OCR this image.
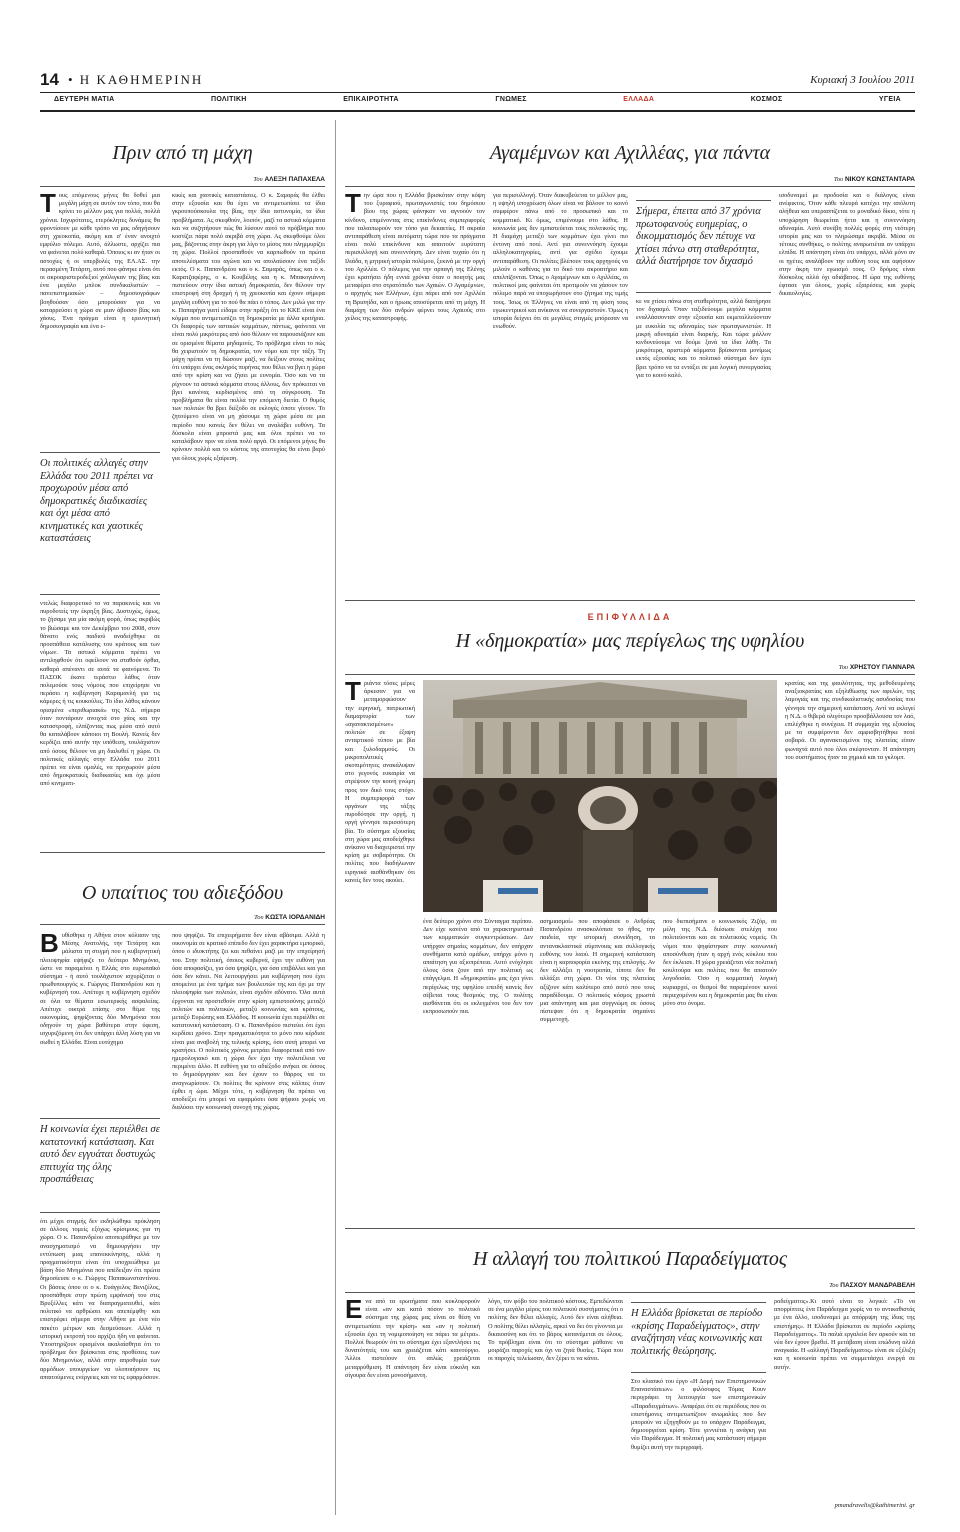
14 • Η ΚΑΘΗΜΕΡΙΝΗ	Κυριακή 3 Ιουλίου 2011
ΔΕΥΤΕΡΗ ΜΑΤΙΑ	ΠΟΛΙΤΙΚΗ	ΕΠΙΚΑΙΡΟΤΗΤΑ	ΓΝΩΜΕΣ	ΕΛΛΑΔΑ	ΚΟΣΜΟΣ	ΥΓΕΙΑ
Πριν από τη μάχη
Του ΑΛΕΞΗ ΠΑΠΑΧΕΛΑ
Τους επόμενους μήνες θα δοθεί μια μεγάλη μάχη σε αυτόν τον τόπο, που θα κρίνει το μέλλον μας για πολλά, πολλά χρόνια. Ισχυρότατες, ετερόκλητες δυνάμεις θα φροντίσουν με κάθε τρόπο να μας οδηγήσουν στη χρεοκοπία, ακόμη και σ' έναν ανοιχτό εμφύλιο πόλεμο. Αυτό, άλλωστε, αρχίζει πια να φαίνεται πολύ καθαρά. Όποιος κι αν ήταν οι αστοχίες ή οι υπερβολές της ΕΛ.ΑΣ. την περασμένη Τετάρτη, αυτό που φάνηκε είναι ότι οι ακροαριστεροδεξιοί χούλιγκαν της βίας και ένα μεγάλο μπλοκ συνδικαλιστών – πανεπιστημιακών – δημοσιογράφων βοηθούσαν όσο μπορούσαν για να καταρρεύσει η χώρα σε μιαν άβυσσο βίας και χάους. Ένα πράγμα είναι η ερευνητική δημοσιογραφία και ένα ε-
Οι πολιτικές αλλαγές στην Ελλάδα του 2011 πρέπει να προχωρούν μέσα από δημοκρατικές διαδικασίες και όχι μέσα από κινηματικές και χαοτικές καταστάσεις
ντελώς διαφορετικό το να παρακινείς και να πυροδοτείς την έκρηξη βίας. Δυστυχώς, όμως, το ζήσαμε για μία ακόμη φορά, όπως ακριβώς το βιώσαμε και τον Δεκέμβριο του 2008, στον θάνατο ενός παιδιού αναδείχθηκε σε προσπάθεια κατάλυσης του κράτους και των νόμων. Τα αστικά κόμματα πρέπει να αντιληφθούν ότι οφείλουν να σταθούν όρθια, καθαρά απέναντι σε αυτά τα φαινόμενα. Το ΠΑΣΟΚ έκανε τεράστιο λάθος όταν πολεμούσε τους νόμους που επιχείρησε να περάσει η κυβέρνηση Καραμανλή για τις κάμερες ή τις κουκούλες. Το ίδιο λάθος κάνουν ορισμένα «περιθωριακά» της Ν.Δ. σήμερα όταν ποντάρουν ανοιχτά στο χάος και την καταστροφή, ελπίζοντας πως μέσα από αυτό θα καταλάβουν κάποιοι τη Βουλή. Κανείς δεν κερδίζει από αυτήν την υπόθεση, τουλάχιστον από όσους θέλουν να μη διαλυθεί η χώρα. Οι πολιτικές αλλαγές στην Ελλάδα του 2011 πρέπει να είναι ομαλές, να προχωρούν μέσα από δημοκρατικές διαδικασίες και όχι μέσα από κινηματι-
κικές και χαοτικές καταστάσεις. Ο κ. Σαμαράς θα έλθει στην εξουσία και θα έχει να αντιμετωπίσει τα ίδια γκρουπούσκουλα της βίας, την ίδια αστυνομία, τα ίδια προβλήματα. Ας σκεφθούν, λοιπόν, μαζί τα αστικά κόμματα και να συζητήσουν πώς θα λύσουν αυτό το πρόβλημα που κοστίζει πάρα πολύ ακριβά στη χώρα. Ας σκεφθούμε όλοι μας, βάζοντας στην άκρη για λίγο το μίσος που πλημμυρίζει τη χώρα. Πολλοί προσπαθούν να καρπωθούν τα πρώτα αποτελέσματα του αγώνα και να απολαύσουν ένα ταξίδι εκτός. Ο κ. Παπανδρέου και ο κ. Σαμαράς, όπως και ο κ. Καρατζαφέρης, ο κ. Κουβέλης και η κ. Μπακογιάννη πιστεύουν στην ίδια αστική δημοκρατία, δεν θέλουν την επιστροφή στη δραχμή ή τη χρεοκοπία και έχουν σήμερα μεγάλη ευθύνη για το πού θα πάει ο τόπος. Δεν μιλώ για την κ. Παπαρήγα γιατί είδαμε στην πράξη ότι το ΚΚΕ είναι ένα κόμμα που αντιμετωπίζει τη δημοκρατία με άλλα κριτήρια. Οι διαφορές των αστικών κομμάτων, πάντως, φαίνεται να είναι πολύ μικρότερες από όσο θέλουν να παρουσιάζουν και σε ορισμένα θέματα μηδαμινές. Το πρόβλημα είναι το πώς θα χειριστούν τη δημοκρατία, τον νόμο και την τάξη. Τη μάχη πρέπει να τη δώσουν μαζί, να δείξουν στους πολίτες ότι υπάρχει ένας σκληρός πυρήνας που θέλει να βγει η χώρα από την κρίση και να ζήσει με ευνομία. Όσο και να τα ρίχνουν τα αστικά κόμματα στους άλλους, δεν πρόκειται να βγει κανένας κερδισμένος από τη σύγκρουση. Τα προβλήματα θα είναι πολλά την επόμενη διετία. Ο θυμός των πολιτών θα βρει διέξοδο σε εκλογές όποτε γίνουν. Το ζητούμενο είναι να μη χάσουμε τη χώρα μέσα σε μια περίοδο που κανείς δεν θέλει να αναλάβει ευθύνη. Τα δύσκολα είναι μπροστά μας και όλοι πρέπει να το καταλάβουν πριν να είναι πολύ αργά. Οι επόμενοι μήνες θα κρίνουν πολλά και το κόστος της αποτυχίας θα είναι βαρύ για όλους χωρίς εξαίρεση.
Ο υπαίτιος του αδιεξόδου
Του ΚΩΣΤΑ ΙΟΡΔΑΝΙΔΗ
Βυθίσθηκε η Αθήνα στον κόλασιν της Μέσης Ανατολής, την Τετάρτη και μάλιστα τη στιγμή που η κυβερνητική πλειοψηφία εψήφιζε το δεύτερο Μνημόνιο, ώστε να παραμείνει η Ελλάς στο ευρωπαϊκό σύστημα - ή αυτό τουλάχιστον ισχυρίζεται ο πρωθυπουργός κ. Γιώργος Παπανδρέου και η κυβέρνησή του. Απέτυχε η κυβέρνηση σχεδόν σε όλα τα θέματα εσωτερικής ασφαλείας. Απέτυχε οικτρά επίσης στο θέμα της οικονομίας, ψηφίζοντας δύο Μνημόνια που οδηγούν τη χώρα βαθύτερα στην ύφεση, ισχυριζόμενη ότι δεν υπάρχει άλλη λύση για να σωθεί η Ελλάδα. Είναι ευτύχημα
Η κοινωνία έχει περιέλθει σε κατατονική κατάσταση. Και αυτό δεν εγγυάται δυστυχώς επιτυχία της όλης προσπάθειας
ότι μέχρι στιγμής δεν εκδηλώθηκε πρόκληση σε άλλους τομείς εξόχως κρίσιμους για τη χώρα. Ο κ. Παπανδρέου αποπειράθηκε με τον ανασχηματισμό να δημιουργήσει την εντύπωση μιας επανεκκίνησης, αλλά η πραγματικότητα είναι ότι υποχρεώθηκε με βάση δύο Μνημόνια που απέδειξαν ότι πρώτα δημοσίευσε ο κ. Γιώργος Παπακωνσταντίνου. Οι βάσεις όπου οι ο κ. Ευάγγελος Βενιζέλος, προσπάθησε στην πρώτη εμφάνισή του στις Βρυξέλλες κάτι να διαπραγματευθεί, κάτι πολιτικό να αρθρώσει και απεπέμφθη· και επιστρέφει σήμερα στην Αθήνα με ένα νέο πακέτο μέτρων και δεσμεύσεων. Αλλά η ιστορική εκτροπή του αρχίζει ήδη να φαίνεται. Υποστηρίζουν ορισμένοι ακαλαίσθητα ότι το πρόβλημα δεν βρίσκεται στις προθέσεις των δύο Μνημονίων, αλλά στην απροθυμία των αρμόδιων υπουργείων να υλοποιήσουν τις απαιτούμενες ενέργειες και να τις εφαρμόσουν.
που ψηφίζει. Τα επιχειρήματα δεν είναι αβάσιμα. Αλλά η οικονομία σε κρατικό επίπεδο δεν έχει χαρακτήρα εμπορικό, όπου ο ιδιοκτήτης ζει και πεθαίνει μαζί με την επιχείρησή του. Στην πολιτική, όποιος κυβερνά, έχει την ευθύνη για όσα αποφασίζει, για όσα ψηφίζει, για όσα επιβάλλει και για όσα δεν κάνει. Να λειτουργήσει μια κυβέρνηση που έχει απομείνει με ένα τμήμα των βουλευτών της και όχι με την πλειοψηφία των πολιτών, είναι σχεδόν αδύνατο. Όλα αυτά έρχονται να προστεθούν στην κρίση εμπιστοσύνης μεταξύ πολιτών και πολιτικών, μεταξύ κοινωνίας και κράτους, μεταξύ Ευρώπης και Ελλάδος. Η κοινωνία έχει περιέλθει σε κατατονική κατάσταση. Ο κ. Παπανδρέου πιστεύει ότι έχει κερδίσει χρόνο. Στην πραγματικότητα το μόνο που κέρδισε είναι μια αναβολή της τελικής κρίσης, όσο αυτή μπορεί να κρατήσει. Ο πολιτικός χρόνος μετράει διαφορετικά από τον ημερολογιακό και η χώρα δεν έχει την πολυτέλεια να περιμένει άλλο. Η ευθύνη για το αδιέξοδο ανήκει σε όσους το δημιούργησαν και δεν έχουν το θάρρος να το αναγνωρίσουν. Οι πολίτες θα κρίνουν στις κάλπες όταν έρθει η ώρα. Μέχρι τότε, η κυβέρνηση θα πρέπει να αποδείξει ότι μπορεί να εφαρμόσει όσα ψήφισε χωρίς να διαλύσει την κοινωνική συνοχή της χώρας.
Αγαμέμνων και Αχιλλέας, για πάντα
Του ΝΙΚΟΥ ΚΩΝΣΤΑΝΤΑΡΑ
Την ώρα που η Ελλάδα βρισκόταν στην κόψη του ξυραφιού, πρωταγωνιστές του δημόσιου βίου της χώρας φάνηκαν να αγνοούν τον κίνδυνο, επιμένοντας στις επικίνδυνες συμπεριφορές που ταλαιπωρούν τον τόπο για δεκαετίες. Η ακραία αντιπαράθεση είναι αυτόματη τώρα που τα πράγματα είναι πολύ επικίνδυνα και απαιτούν ευρύτατη περισυλλογή και συνεννόηση. Δεν είναι τυχαίο ότι η Ιλιάδα, η μητρική ιστορία πολέμου, ξεκινά με την οργή του Αχιλλέα. Ο πόλεμος για την αρπαγή της Ελένης έχει κρατήσει ήδη εννιά χρόνια όταν ο ποιητής μας μεταφέρει στο στρατόπεδο των Αχαιών. Ο Αγαμέμνων, ο αρχηγός των Ελλήνων, έχει πάρει από τον Αχιλλέα τη Βρισηίδα, και ο ήρωας αποσύρεται από τη μάχη. Η διαμάχη των δύο ανδρών φέρνει τους Αχαιούς στο χείλος της καταστροφής.
για περισυλλογή. Όταν διακυβεύεται το μέλλον μας, η υψηλή υποχρέωση όλων είναι να βάλουν το κοινό συμφέρον πάνω από το προσωπικό και το κομματικό. Κι όμως, επιμένουμε στο λάθος. Η κοινωνία μας δεν εμπιστεύεται τους πολιτικούς της. Η διαμάχη μεταξύ των κομμάτων έχει γίνει πιο έντονη από ποτέ. Αντί για συνεννόηση έχουμε αλληλοκατηγορίες, αντί για σχέδιο έχουμε αντιπαράθεση. Οι πολίτες βλέπουν τους αρχηγούς να μιλούν ο καθένας για το δικό του ακροατήριο και απελπίζονται. Όπως ο Αγαμέμνων και ο Αχιλλέας, οι πολιτικοί μας φαίνεται ότι προτιμούν να χάσουν τον πόλεμο παρά να υποχωρήσουν στο ζήτημα της τιμής τους. Ίσως οι Έλληνες να είναι από τη φύση τους εγωκεντρικοί και ανίκανοι να συνεργαστούν. Όμως η ιστορία δείχνει ότι σε μεγάλες στιγμές μπόρεσαν να ενωθούν.
Σήμερα, έπειτα από 37 χρόνια πρωτοφανούς ευημερίας, ο δικομματισμός δεν πέτυχε να χτίσει πάνω στη σταθερότητα, αλλά διατήρησε τον διχασμό
κε να χτίσει πάνω στη σταθερότητα, αλλά διατήρησε τον διχασμό. Όταν ταξιδεύουμε μεγάλα κόμματα εναλλάσσονταν στην εξουσία και εκμεταλλεύονταν με ευκολία τις αδυναμίες των πρωταγωνιστών. Η μικρή αδυναμία είναι διαρκής. Και τώρα μάλλον κινδυνεύουμε να δούμε ξανά τα ίδια λάθη. Τα μικρότερα, αριστερά κόμματα βρίσκονται μονίμως εκτός εξουσίας και το πολιτικό σύστημα δεν έχει βρει τρόπο να τα εντάξει σε μια λογική συνεργασίας για το κοινό καλό.
ισοδυναμεί με προδοσία και ο διάλογος είναι ανέφικτος. Όταν κάθε πλευρά κατέχει την απόλυτη αλήθεια και υπερασπίζεται το μοναδικό δίκιο, τότε η υποχώρηση θεωρείται ήττα και η συνεννόηση αδυναμία. Αυτό συνέβη πολλές φορές στη νεότερη ιστορία μας και το πληρώσαμε ακριβά. Μέσα σε τέτοιες συνθήκες, ο πολίτης αναρωτιέται αν υπάρχει ελπίδα. Η απάντηση είναι ότι υπάρχει, αλλά μόνο αν οι ηγέτες αναλάβουν την ευθύνη τους και αφήσουν στην άκρη τον εγωισμό τους. Ο δρόμος είναι δύσκολος αλλά όχι αδιάβατος. Η ώρα της ευθύνης έφτασε για όλους, χωρίς εξαιρέσεις και χωρίς δικαιολογίες.
ΕΠΙΦΥΛΛΙΔΑ
Η «δημοκρατία» μας περίγελως της υφηλίου
Του ΧΡΗΣΤΟΥ ΓΙΑΝΝΑΡΑ
Τριάντα τόσες μέρες άρκεσαν για να μεταμορφώσουν την ειρηνική, πατριωτική διαμαρτυρία των «αγανακτισμένων» πολιτών σε έξαψη ανταρτικού τύπου με βία και ξυλοδαρμούς. Οι μικροπολιτικές σκοπιμότητες ανακάλυψαν στο γεγονός ευκαιρία να στρέψουν την κοινή γνώμη προς τον δικό τους στόχο. Η συμπεριφορά των οργάνων της τάξης πυροδότησε την οργή, η οργή γέννησε περισσότερη βία. Το σύστημα εξουσίας στη χώρα μας αποδείχθηκε ανίκανο να διαχειριστεί την κρίση με σοβαρότητα. Οι πολίτες που διαδήλωναν ειρηνικά αισθάνθηκαν ότι κανείς δεν τους ακούει.
κρατίας και της φαυλότητας, της μεθοδευμένης αναξιοκρατίας και εξηλιθίωσης των αφελών, της λαμογιάς και της συνδικαλιστικής ασυδοσίας που γέννησε την σημερινή κατάσταση. Αντί να εκλεγεί η Ν.Δ. ο θιβερά ολιγότερο προσβάλλουσα τον λαό, επιλέχθηκε η συνέχεια. Η συμμαχία της εξουσίας με τα συμφέροντα δεν αμφισβητήθηκε ποτέ σοβαρά. Οι αγανακτισμένοι της πλατείας είπαν φωναχτά αυτό που όλοι σκέφτονταν. Η απάντηση του συστήματος ήταν τα χημικά και τα γκλομπ.
ένα δεύτερο χρόνο στο Σύνταγμα περίπου. Δεν είχε κανένα από τα χαρακτηριστικά των κομματικών συγκεντρώσεων. Δεν υπήρχαν σημαίες κομμάτων, δεν υπήρχαν συνθήματα κατά ομάδων, υπήρχε μόνο η απαίτηση για αξιοπρέπεια. Αυτό ενόχλησε όλους όσοι ζουν από την πολιτική ως επάγγελμα. Η «δημοκρατία» μας έχει γίνει περίγελως της υφηλίου επειδή κανείς δεν σέβεται τους θεσμούς της. Ο πολίτης αισθάνεται ότι οι εκλεγμένοι του δεν τον εκπροσωπούν πια.
ασημιασμοί» που αποφάσισε ο Ανδρέας Παπανδρέου ανασκολόπισε το ήθος, την παιδεία, την ιστορική συνείδηση, τα αντανακλαστικά σύμπνοιας και συλλογικής ευθύνης του λαού. Η σημερινή κατάσταση είναι η καρποφορία εκείνης της επιλογής. Αν δεν αλλάξει η νοοτροπία, τίποτε δεν θα αλλάξει στη χώρα. Οι νέοι της πλατείας αξίζουν κάτι καλύτερο από αυτό που τους παραδίδουμε. Ο πολιτικός κόσμος χρωστά μια απάντηση και μια συγγνώμη σε όσους πίστεψαν ότι η δημοκρατία σημαίνει συμμετοχή.
που διεπισήμανε ο κοινωνικός Ζιζόρ, σε μέλη της Ν.Δ. διέσωσε στελέχη που πολιτεύονται και σε πολιτικούς νομείς. Οι νόμοι που ψηφίστηκαν στην κοινωνική αποσύνθεση ήταν η αρχή ενός κύκλου που δεν έκλεισε. Η χώρα χρειάζεται νέα πολιτική κουλτούρα και πολίτες που θα απαιτούν λογοδοσία. Όσο η κομματική λογική κυριαρχεί, οι θεσμοί θα παραμένουν κενοί περιεχομένου και η δημοκρατία μας θα είναι μόνο στο όνομα.
Η αλλαγή του πολιτικού Παραδείγματος
Του ΠΑΣΧΟΥ ΜΑΝΔΡΑΒΕΛΗ
Ενα από τα ερωτήματα που κυκλοφορούν είναι «αν και κατά πόσον το πολιτικό σύστημα της χώρας μας είναι σε θέση να αντιμετωπίσει την κρίση» και «αν η πολιτική εξουσία έχει τη νομιμοποίηση να πάρει τα μέτρα». Πολλοί θεωρούν ότι το σύστημα έχει εξαντλήσει τις δυνατότητές του και χρειάζεται κάτι καινούργιο. Άλλοι πιστεύουν ότι απλώς χρειάζεται μεταρρύθμιση. Η απάντηση δεν είναι εύκολη και σίγουρα δεν είναι μονοσήμαντη.
λόγο, τον φόβο του πολιτικού κόστους. Εμπεδώνεται σε ένα μεγάλο μέρος του πολιτικού συστήματος ότι ο πολίτης δεν θέλει αλλαγές. Αυτό δεν είναι αλήθεια. Ο πολίτης θέλει αλλαγές, αρκεί να δει ότι γίνονται με δικαιοσύνη και ότι το βάρος κατανέμεται σε όλους. Το πρόβλημα είναι ότι το σύστημα μάθαινε να μοιράζει παροχές και όχι να ζητά θυσίες. Τώρα που οι παροχές τελείωσαν, δεν ξέρει τι να κάνει.
Η Ελλάδα βρίσκεται σε περίοδο «κρίσης Παραδείγματος», στην αναζήτηση νέας κοινωνικής και πολιτικής θεώρησης.
Στο κλασικό του έργο «Η Δομή των Επιστημονικών Επαναστάσεων» ο φιλόσοφος Τόμας Κουν περιγράφει τη λειτουργία των επιστημονικών «Παραδειγμάτων». Αναφέρει ότι σε περιόδους που οι επιστήμονες αντιμετωπίζουν ανωμαλίες που δεν μπορούν να εξηγηθούν με το υπάρχον Παράδειγμα, δημιουργείται κρίση. Τότε γεννιέται η ανάγκη για νέο Παράδειγμα. Η πολιτική μας κατάσταση σήμερα θυμίζει αυτή την περιγραφή.
ραδείγματος».Κι αυτό είναι το λογικό: «Το να απορρίπτεις ένα Παράδειγμα χωρίς να το αντικαθιστάς με ένα άλλο, ισοδυναμεί με απόρριψη της ίδιας της επιστήμης». Η Ελλάδα βρίσκεται σε περίοδο «κρίσης Παραδείγματος». Τα παλιά εργαλεία δεν αρκούν και τα νέα δεν έχουν βρεθεί. Η μετάβαση είναι επώδυνη αλλά αναγκαία. Η «αλλαγή Παραδείγματος» είναι σε εξέλιξη και η κοινωνία πρέπει να συμμετάσχει ενεργά σε αυτήν.
pmandravelis@kathimerini. gr
